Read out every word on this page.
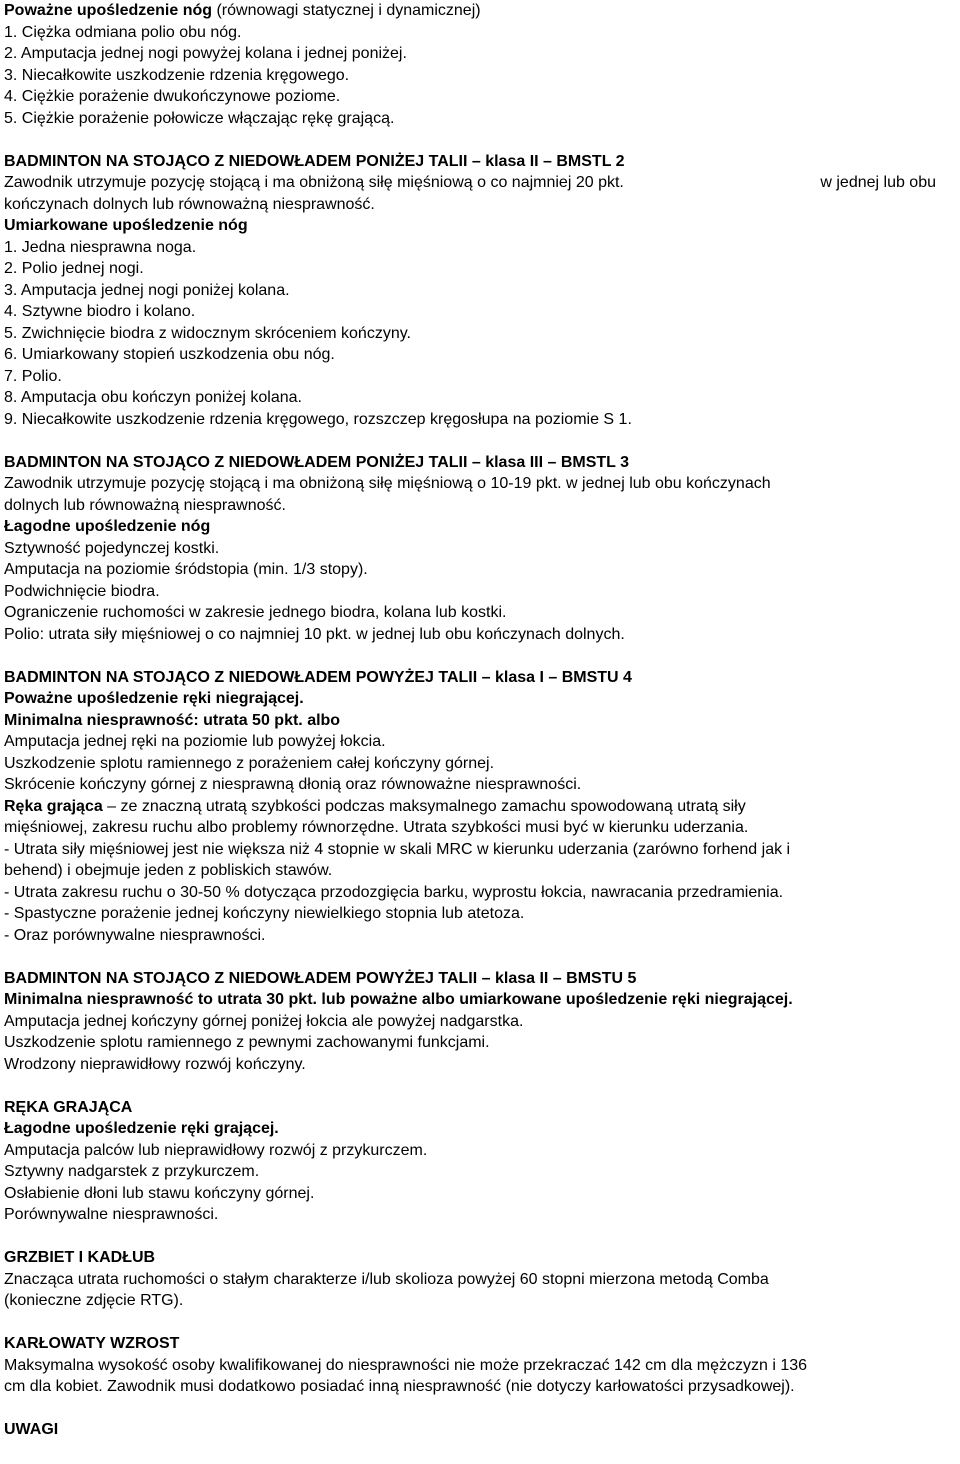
Poważne upośledzenie nóg (równowagi statycznej i dynamicznej)
1. Ciężka odmiana polio obu nóg.
2. Amputacja jednej nogi powyżej kolana i jednej poniżej.
3. Niecałkowite uszkodzenie rdzenia kręgowego.
4. Ciężkie porażenie dwukończynowe poziome.
5. Ciężkie porażenie połowicze włączając rękę grającą.
BADMINTON NA STOJĄCO Z NIEDOWŁADEM PONIŻEJ TALII – klasa II – BMSTL 2
Zawodnik utrzymuje pozycję stojącą i ma obniżoną siłę mięśniową o co najmniej 20 pkt.	w jednej lub obu
kończynach dolnych lub równoważną niesprawność.
Umiarkowane upośledzenie nóg
1. Jedna niesprawna noga.
2. Polio jednej nogi.
3. Amputacja jednej nogi poniżej kolana.
4. Sztywne biodro i kolano.
5. Zwichnięcie biodra z widocznym skróceniem kończyny.
6. Umiarkowany stopień uszkodzenia obu nóg.
7. Polio.
8. Amputacja obu kończyn poniżej kolana.
9. Niecałkowite uszkodzenie rdzenia kręgowego, rozszczep kręgosłupa na poziomie S 1.
BADMINTON NA STOJĄCO Z NIEDOWŁADEM PONIŻEJ TALII – klasa III – BMSTL 3
Zawodnik utrzymuje pozycję stojącą i ma obniżoną siłę mięśniową o 10-19 pkt. w jednej lub obu kończynach
dolnych lub równoważną niesprawność.
Łagodne upośledzenie nóg
Sztywność pojedynczej kostki.
Amputacja na poziomie śródstopia (min. 1/3 stopy).
Podwichnięcie biodra.
Ograniczenie ruchomości w zakresie jednego biodra, kolana lub kostki.
Polio: utrata siły mięśniowej o co najmniej 10 pkt. w jednej lub obu kończynach dolnych.
BADMINTON NA STOJĄCO Z NIEDOWŁADEM POWYŻEJ TALII – klasa I – BMSTU 4
Poważne upośledzenie ręki niegrającej.
Minimalna niesprawność: utrata 50 pkt. albo
Amputacja jednej ręki na poziomie lub powyżej łokcia.
Uszkodzenie splotu ramiennego z porażeniem całej kończyny górnej.
Skrócenie kończyny górnej z niesprawną dłonią oraz równoważne niesprawności.
Ręka grająca – ze znaczną utratą szybkości podczas maksymalnego zamachu spowodowaną utratą siły
mięśniowej, zakresu ruchu albo problemy równorzędne. Utrata szybkości musi być w kierunku uderzania.
- Utrata siły mięśniowej jest nie większa niż 4 stopnie w skali MRC w kierunku uderzania (zarówno forhend jak i
behend) i obejmuje jeden z pobliskich stawów.
- Utrata zakresu ruchu o 30-50 % dotycząca przodozgięcia barku, wyprostu łokcia, nawracania przedramienia.
- Spastyczne porażenie jednej kończyny niewielkiego stopnia lub atetoza.
- Oraz porównywalne niesprawności.
BADMINTON NA STOJĄCO Z NIEDOWŁADEM POWYŻEJ TALII – klasa II – BMSTU 5
Minimalna niesprawność to utrata 30 pkt. lub poważne albo umiarkowane upośledzenie ręki niegrającej.
Amputacja jednej kończyny górnej poniżej łokcia ale powyżej nadgarstka.
Uszkodzenie splotu ramiennego z pewnymi zachowanymi funkcjami.
Wrodzony nieprawidłowy rozwój kończyny.
RĘKA GRAJĄCA
Łagodne upośledzenie ręki grającej.
Amputacja palców lub nieprawidłowy rozwój z przykurczem.
Sztywny nadgarstek z przykurczem.
Osłabienie dłoni lub stawu kończyny górnej.
Porównywalne niesprawności.
GRZBIET I KADŁUB
Znacząca utrata ruchomości o stałym charakterze i/lub skolioza powyżej 60 stopni mierzona metodą Comba
(konieczne zdjęcie RTG).
KARŁOWATY WZROST
Maksymalna wysokość osoby kwalifikowanej do niesprawności nie może przekraczać 142 cm dla mężczyzn i 136
cm dla kobiet. Zawodnik musi dodatkowo posiadać inną niesprawność (nie dotyczy karłowatości przysadkowej).
UWAGI
